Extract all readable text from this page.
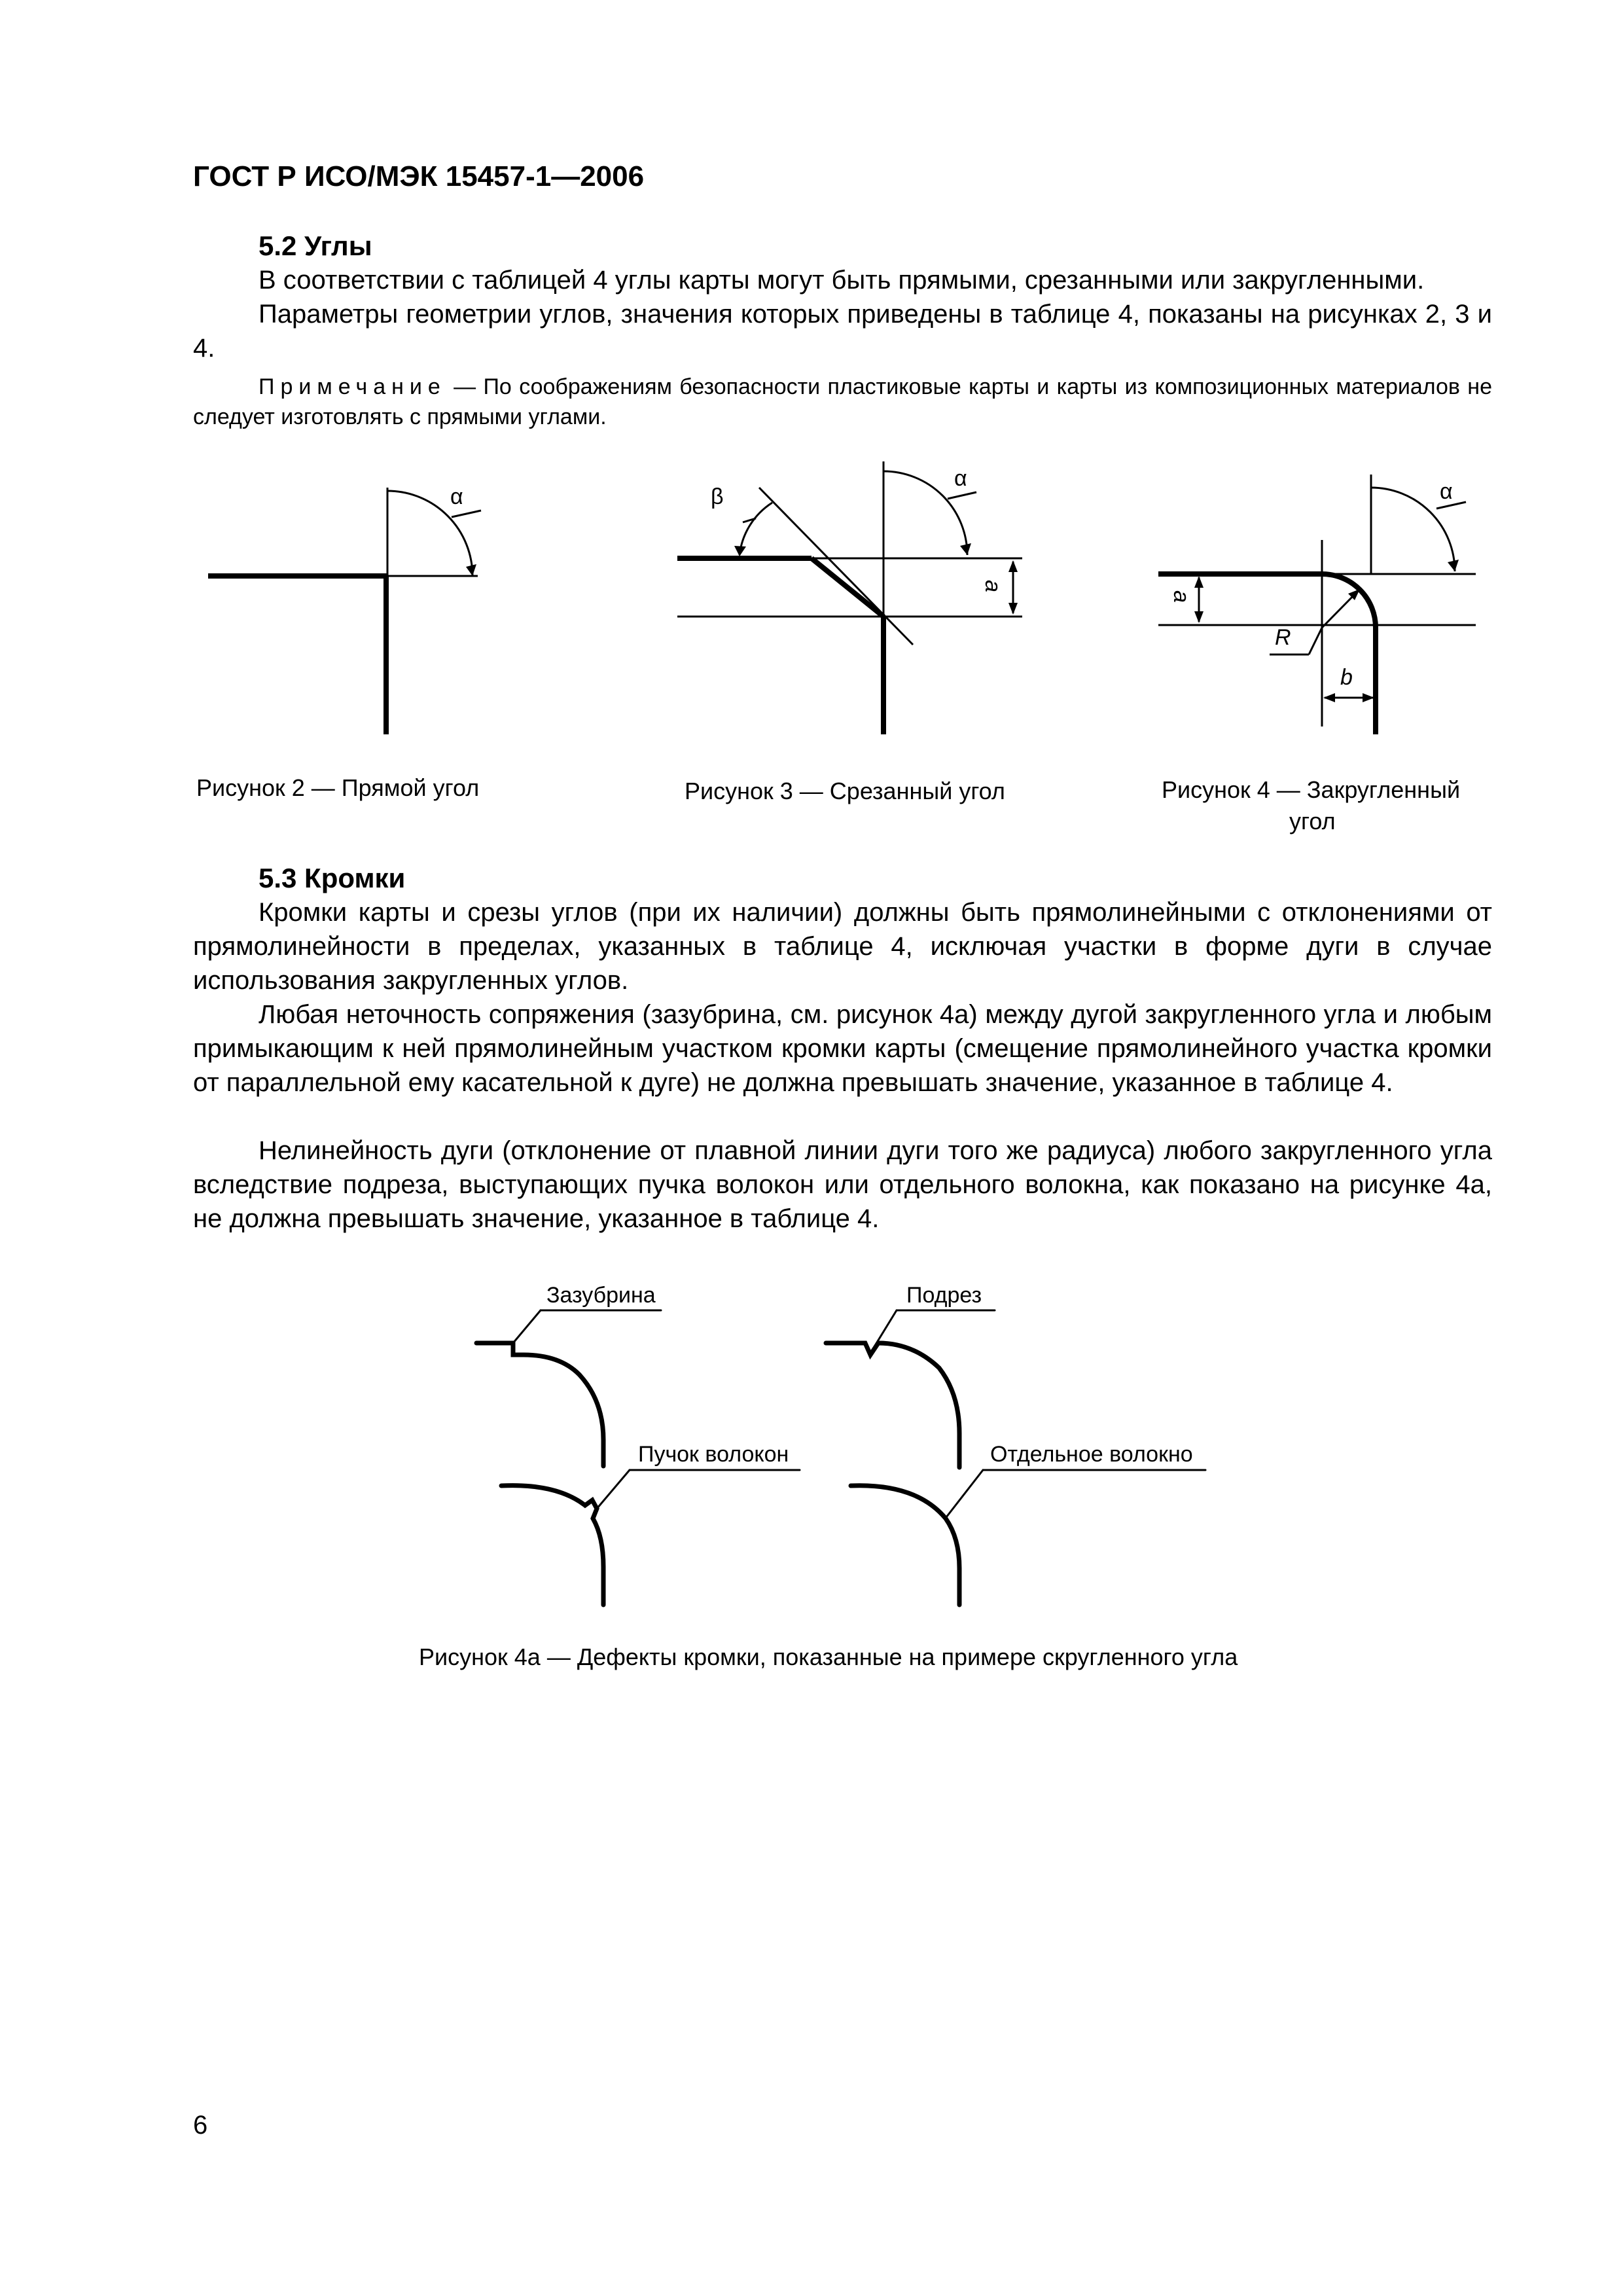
ГОСТ Р ИСО/МЭК 15457-1—2006
5.2 Углы

В соответствии с таблицей 4 углы карты могут быть прямыми, срезанными или закругленными.

Параметры геометрии углов, значения которых приведены в таблице 4, показаны на рисунках 2, 3 и 4.

Примечание — По соображениям безопасности пластиковые карты и карты из композиционных материалов не следует изготовлять с прямыми углами.

α
Рисунок 2 — Прямой угол
α
β
a
Рисунок 3 — Срезанный угол
α
a
R
b
Рисунок 4 — Закругленный
угол
5.3 Кромки

Кромки карты и срезы углов (при их наличии) должны быть прямолинейными с отклонениями от прямолинейности в пределах, указанных в таблице 4, исключая участки в форме дуги в случае использования закругленных углов.

Любая неточность сопряжения (зазубрина, см. рисунок 4а) между дугой закругленного угла и любым примыкающим к ней прямолинейным участком кромки карты (смещение прямолинейного участка кромки от параллельной ему касательной к дуге) не должна превышать значение, указанное в таблице 4.

Нелинейность дуги (отклонение от плавной линии дуги того же радиуса) любого закругленного угла вследствие подреза, выступающих пучка волокон или отдельного волокна, как показано на рисунке 4а, не должна превышать значение, указанное в таблице 4.

Зазубрина	Подрез
Пучок волокон	Отдельное волокно
Рисунок 4а — Дефекты кромки, показанные на примере скругленного угла
6
